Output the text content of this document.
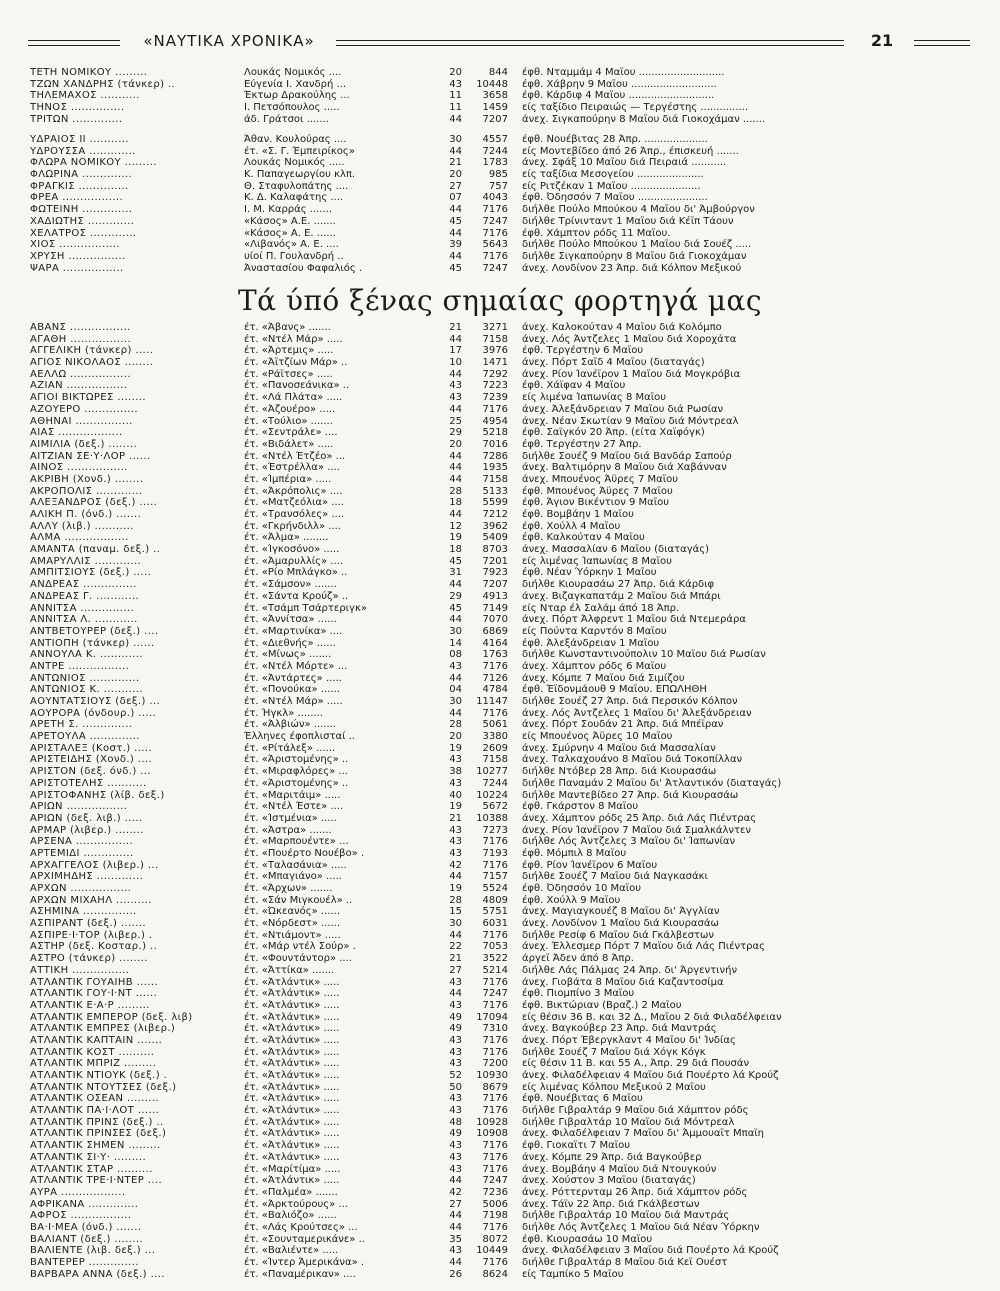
«ΝΑΥΤΙΚΑ ΧΡΟΝΙΚΑ»	21
ΤΕΤΗ ΝΟΜΙΚΟΥ .........	Λουκάς Νομικός ....	20	844	έφθ. Νταμμάμ 4 Μαΐου ...........................
ΤΖΩΝ ΧΑΝΔΡΗΣ (τάνκερ) ..	Εύγενία Ι. Χανδρή ...	43	10448	έφθ. Χάβρην 9 Μαΐου ...........................
ΤΗΛΕΜΑΧΟΣ ...........	Έκτωρ Δρακούλης ...	11	3658	έφθ. Κάρδιφ 4 Μαΐου ...........................
ΤΗΝΟΣ ...............	Ι. Πετσόπουλος .....	11	1459	είς ταξίδιο Πειραιώς — Τεργέστης ...............
ΤΡΙΤΩΝ ..............	άδ. Γράτσοι .......	44	7207	άνεχ. Σιγκαπούρην 8 Μαΐου διά Γιοκοχάμαν .......
ΥΔΡΑΙΟΣ ΙΙ ...........	Άθαν. Κουλούρας ....	30	4557	έφθ. Νουέβιτας 28 Άπρ. ....................
ΥΔΡΟΥΣΣΑ .............	έτ. «Σ. Γ. Έμπειρίκος»	44	7244	είς Μοντεβίδεο άπό 26 Άπρ., έπισκευή .......
ΦΛΩΡΑ ΝΟΜΙΚΟΥ .........	Λουκάς Νομικός .....	21	1783	άνεχ. Σφάξ 10 Μαΐου διά Πειραιά ...........
ΦΛΩΡΙΝΑ ..............	Κ. Παπαγεωργίου κλπ.	20	985	είς ταξίδια Μεσογείου .....................
ΦΡΑΓΚΙΣ ..............	Θ. Σταφυλοπάτης ....	27	757	είς Ριτζέκαν 1 Μαΐου ......................
ΦΡΕΑ .................	Κ. Δ. Καλαφάτης ....	07	4043	έφθ. Όδησσόν 7 Μαΐου ......................
ΦΩΤΕΙΝΗ ..............	Ι. Μ. Καρράς .......	44	7176	διήλθε Πούλο Μπούκου 4 Μαΐου δι' Άμβούργον
ΧΑΔΙΩΤΗΣ .............	«Κάσος» Α.Ε. .......	45	7247	διήλθε Τρίνινταντ 1 Μαΐου διά Κέϊπ Τάουν
ΧΕΛΑΤΡΟΣ .............	«Κάσος» Α. Ε. ......	44	7176	έφθ. Χάμπτον ρόδς 11 Μαΐου.
ΧΙΟΣ .................	«Λιβανός» Α. Ε. ....	39	5643	διήλθε Πούλο Μπούκου 1 Μαΐου διά Σουέζ .....
ΧΡΥΣΗ ................	υίοί Π. Γουλανδρή ..	44	7176	διήλθε Σιγκαπούρην 8 Μαΐου διά Γιοκοχάμαν
ΨΑΡΑ .................	Άναστασίου Φαφαλιός .	45	7247	άνεχ. Λονδίνον 23 Άπρ. διά Κόλπον Μεξικού
Τά ύπό ξένας σημαίας φορτηγά μας
ΑΒΑΝΣ .................	έτ. «Άβανς» .......	21	3271	άνεχ. Καλοκούταν 4 Μαΐου διά Κολόμπο
ΑΓΑΘΗ .................	έτ. «Ντέλ Μάρ» .....	44	7158	άνεχ. Λός Άντζελες 1 Μαΐου διά Χοροχάτα
ΑΓΓΕΛΙΚΗ (τάνκερ) .....	έτ. «Άρτεμις» .....	17	3976	έφθ. Τεργέστην 6 Μαΐου
ΑΓΙΟΣ ΝΙΚΟΛΑΟΣ ........	έτ. «Άϊτζίων Μάρ» ..	10	1471	άνεχ. Πόρτ Σαΐδ 4 Μαΐου (διαταγάς)
ΑΕΛΛΩ .................	έτ. «Ράϊτσες» .....	44	7292	άνεχ. Ρίον Ίανέϊρον 1 Μαΐου διά Μογκρόβια
ΑΖΙΑΝ .................	έτ. «Πανοσεάνικα» ..	43	7223	έφθ. Χάϊφαν 4 Μαΐου
ΑΓΙΟΙ ΒΙΚΤΩΡΕΣ ........	έτ. «Λά Πλάτα» .....	43	7239	είς λιμένα Ίαπωνίας 8 Μαΐου
ΑΖΟΥΕΡΟ ...............	έτ. «Άζουέρο» .....	44	7176	άνεχ. Άλεξάνδρειαν 7 Μαΐου διά Ρωσίαν
ΑΘΗΝΑΙ ................	έτ. «Τούλιο» .......	25	4954	άνεχ. Νέαν Σκωτίαν 9 Μαΐου διά Μόντρεαλ
ΑΙΑΣ ..................	έτ. «Σεντράλε» ....	29	5218	έφθ. Σαϊγκόν 20 Άπρ. (είτα Χαϊφόγκ)
ΑΙΜΙΛΙΑ (δεξ.) ........	έτ. «Βιδάλετ» .....	20	7016	έφθ. Τεργέστην 27 Άπρ.
ΑΙΤΖΙΑΝ ΣΕ·Υ·ΛΟΡ ......	έτ. «Ντέλ Έτζέο» ...	44	7286	διήλθε Σουέζ 9 Μαΐου διά Βανδάρ Σαπούρ
ΑΙΝΟΣ .................	έτ. «Έστρέλλα» ....	44	1935	άνεχ. Βαλτιμόρην 8 Μαΐου διά Χαβάνναν
ΑΚΡΙΒΗ (Χονδ.) ........	έτ. «Ίμπέρια» .....	44	7158	άνεχ. Μπουένος Άϋρες 7 Μαΐου
ΑΚΡΟΠΟΛΙΣ .............	έτ. «Άκρόπολις» ....	28	5133	έφθ. Μπουένος Άϋρες 7 Μαΐου
ΑΛΕΞΑΝΔΡΟΣ (δεξ.) .....	έτ. «Ματζεόλια» ....	18	5599	έφθ. Άγιον Βικέντιον 9 Μαΐου
ΑΛΙΚΗ Π. (όνδ.) .......	έτ. «Τρανσόλες» ....	44	7212	έφθ. Βομβάην 1 Μαΐου
ΑΛΛΥ (λιβ.) ...........	έτ. «Γκρήνδιλλ» ....	12	3962	έφθ. Χούλλ 4 Μαΐου
ΑΛΜΑ ..................	έτ. «Άλμα» ........	19	5409	έφθ. Καλκούταν 4 Μαΐου
ΑΜΑΝΤΑ (παναμ. δεξ.) ..	έτ. «Ίγκοσόνο» .....	18	8703	άνεχ. Μασσαλίαν 6 Μαΐου (διαταγάς)
ΑΜΑΡΥΛΛΙΣ .............	έτ. «Άμαρυλλίς» ....	45	7201	είς λιμένας Ίαπωνίας 8 Μαΐου
ΑΜΠΙΤΣΙΟΥΣ (δεξ.) .....	έτ. «Ρίο Μπλάγκο» ..	31	7923	έφθ. Νέαν Ύόρκην 1 Μαΐου
ΑΝΔΡΕΑΣ ...............	έτ. «Σάμσον» .......	44	7207	διήλθε Κιουρασάω 27 Άπρ. διά Κάρδιφ
ΑΝΔΡΕΑΣ Γ. ............	έτ. «Σάντα Κρούζ» ..	29	4913	άνεχ. Βιζαγκαπατάμ 2 Μαΐου διά Μπάρι
ΑΝΝΙΤΣΑ ...............	έτ. «Τσάμπ Τσάρτεριγκ»	45	7149	είς Νταρ έλ Σαλάμ άπό 18 Άπρ.
ΑΝΝΙΤΣΑ Λ. ............	έτ. «Άννίτσα» ......	44	7070	άνεχ. Πόρτ Άλφρεντ 1 Μαΐου διά Ντεμεράρα
ΑΝΤΒΕΤΟΥΡΕΡ (δεξ.) ....	έτ. «Μαρτινίκα» ....	30	6869	είς Πούντα Καρντόν 8 Μαΐου
ΑΝΤΙΟΠΗ (τάνκερ) ......	έτ. «Διεθνής» ......	14	4164	έφθ. Άλεξάνδρειαν 1 Μαΐου
ΑΝΝΟΥΛΑ Κ. ............	έτ. «Μίνως» .......	08	1763	διήλθε Κωνσταντινούπολιν 10 Μαΐου διά Ρωσίαν
ΑΝΤΡΕ .................	έτ. «Ντέλ Μόρτε» ...	43	7176	άνεχ. Χάμπτον ρόδς 6 Μαΐου
ΑΝΤΩΝΙΟΣ ..............	έτ. «Άντάρτες» .....	44	7126	άνεχ. Κόμπε 7 Μαΐου διά Σιμίζου
ΑΝΤΩΝΙΟΣ Κ. ...........	έτ. «Πονούκα» ......	04	4784	έφθ. Έϊδονμάουθ 9 Μαΐου. ΕΠΩΛΗΘΗ
ΑΟΥΝΤΑΤΣΙΟΥΣ (δεξ.) ...	έτ. «Ντέλ Μάρ» .....	30	11147	διήλθε Σουέζ 27 Άπρ. διά Περσικόν Κόλπον
ΑΟΥΡΟΡΑ (όνδουρ.) .....	έτ. Ήγκλ» ........	44	7176	άνεχ. Λός Άντζελες 1 Μαΐου δι' Άλεξάνδρειαν
ΑΡΕΤΗ Σ. ..............	έτ. «Άλβιών» .......	28	5061	άνεχ. Πόρτ Σουδάν 21 Άπρ. διά Μπέϊραν
ΑΡΕΤΟΥΛΑ ..............	Έλληνες έφοπλισταί ..	20	3380	είς Μπουένος Άϋρες 10 Μαΐου
ΑΡΙΣΤΑΛΕΞ (Κοστ.) .....	έτ. «Ρίτάλεξ» ......	19	2609	άνεχ. Σμύρνην 4 Μαΐου διά Μασσαλίαν
ΑΡΙΣΤΕΙΔΗΣ (Χονδ.) ....	έτ. «Άριστομένης» ..	43	7158	άνεχ. Ταλκαχουάνο 8 Μαΐου διά Τοκοπίλλαν
ΑΡΙΣΤΟΝ (δεξ. όνδ.) ...	έτ. «Μιραφλόρες» ...	38	10277	διήλθε Ντόβερ 28 Άπρ. διά Κιουρασάω
ΑΡΙΣΤΟΤΕΛΗΣ ...........	έτ. «Άριστομένης» ..	43	7244	διήλθε Παναμάν 2 Μαΐου δι' Άτλαντικόν (διαταγάς)
ΑΡΙΣΤΟΦΑΝΗΣ (λίβ. δεξ.)	έτ. «Μαριτάιμ» .....	40	10224	διήλθε Μαντεβίδεο 27 Άπρ. διά Κιουρασάω
ΑΡΙΩΝ .................	έτ. «Ντέλ Έστε» ....	19	5672	έφθ. Γκάρστον 8 Μαΐου
ΑΡΙΩΝ (δεξ. λιβ.) .....	έτ. «Ίστμένια» .....	21	10388	άνεχ. Χάμπτον ρόδς 25 Άπρ. διά Λάς Πιέντρας
ΑΡΜΑΡ (λιβερ.) ........	έτ. «Άστρα» .......	43	7273	άνεχ. Ρίον Ίανέϊρον 7 Μαΐου διά Σμαλκάλντεν
ΑΡΣΕΝΑ ................	έτ. «Μαρπουέντε» ...	43	7176	διήλθε Λός Άντζελες 3 Μαΐου δι' Ίαπωνίαν
ΑΡΤΕΜΙΔΙ ..............	έτ. «Πουέρτο Νουέβο» .	43	7193	έφθ. Μόμπιλ 8 Μαΐου
ΑΡΧΑΓΓΕΛΟΣ (λιβερ.) ...	έτ. «Ταλασάνια» .....	42	7176	έφθ. Ρίον Ίανέϊρον 6 Μαΐου
ΑΡΧΙΜΗΔΗΣ .............	έτ. «Μπαγιάνο» .....	44	7157	διήλθε Σουέζ 7 Μαΐου διά Ναγκασάκι
ΑΡΧΩΝ .................	έτ. «Άρχων» .......	19	5524	έφθ. Όδησσόν 10 Μαΐου
ΑΡΧΩΝ ΜΙΧΑΗΛ ..........	έτ. «Σάν Μιγκουέλ» ..	28	4809	έφθ. Χούλλ 9 Μαΐου
ΑΣΗΜΙΝΑ ...............	έτ. «Ώκεανός» ......	15	5751	άνεχ. Μαγιαγκουέζ 8 Μαΐου δι' Άγγλίαν
ΑΣΠΙΡΑΝΤ (δεξ.) .......	έτ. «Νόρδεστ» ......	30	6031	άνεχ. Λονδίνον 1 Μαΐου διά Κιουρασάω
ΑΣΠΙΡΕ·Ι·ΤΟΡ (λιβερ.) .	έτ. «Ντιάμοντ» .....	44	7176	διήλθε Ρεσίφ 6 Μαΐου διά Γκάλβεστων
ΑΣΤΗΡ (δεξ. Κοσταρ.) ..	έτ. «Μάρ ντέλ Σούρ» .	22	7053	άνεχ. Έλλεσμερ Πόρτ 7 Μαΐου διά Λάς Πιέντρας
ΑΣΤΡΟ (τάνκερ) ........	έτ. «Φουντάντορ» ....	21	3522	άργεΐ Άδεν άπό 8 Άπρ.
ΑΤΤΙΚΗ ................	έτ. «Άττίκα» .......	27	5214	διήλθε Λάς Πάλμας 24 Άπρ. δι' Άργεντινήν
ΑΤΛΑΝΤΙΚ ΓΟΥΑΪΗΒ ......	έτ. «Άτλάντικ» .....	43	7176	άνεχ. Γιοβάτα 8 Μαΐου διά Καζαντοσίμα
ΑΤΛΑΝΤΙΚ ΓΟΥ·Ι·ΝΤ ......	έτ. «Άτλάντικ» .....	44	7247	έφθ. Πιομπίνο 3 Μαΐου
ΑΤΛΑΝΤΙΚ Ε·Α·Ρ .........	έτ. «Άτλάντικ» .....	43	7176	έφθ. Βικτώριαν (Βραζ.) 2 Μαΐου
ΑΤΛΑΝΤΙΚ ΕΜΠΕΡΟΡ (δεξ. λιβ)	έτ. «Άτλάντικ» .....	49	17094	είς θέσιν 36 Β. και 32 Δ., Μαΐου 2 διά Φιλαδέλφειαν
ΑΤΛΑΝΤΙΚ ΕΜΠΡΕΣ (λιβερ.)	έτ. «Άτλάντικ» .....	49	7310	άνεχ. Βαγκούβερ 23 Άπρ. διά Μαντράς
ΑΤΛΑΝΤΙΚ ΚΑΠΤΑΙΝ .......	έτ. «Άτλάντικ» .....	43	7176	άνεχ. Πόρτ Έβεργκλαντ 4 Μαΐου δι' Ίνδίας
ΑΤΛΑΝΤΙΚ ΚΟΣΤ ..........	έτ. «Άτλάντικ» .....	43	7176	διήλθε Σουέζ 7 Μαΐου διά Χόγκ Κόγκ
ΑΤΛΑΝΤΙΚ ΜΠΡΙΖ .........	έτ. «Άτλάντικ» .....	43	7200	είς θέσιν 11 Β. και 55 Α., Άπρ. 29 διά Πουσάν
ΑΤΛΑΝΤΙΚ ΝΤΙΟΥΚ (δεξ.) .	έτ. «Άτλάντικ» .....	52	10930	άνεχ. Φιλαδέλφειαν 4 Μαΐου διά Πουέρτο λά Κρούζ
ΑΤΛΑΝΤΙΚ ΝΤΟΥΤΣΕΣ (δεξ.)	έτ. «Άτλάντικ» .....	50	8679	είς λιμένας Κόλπου Μεξικού 2 Μαΐου
ΑΤΛΑΝΤΙΚ ΟΣΕΑΝ .........	έτ. «Άτλάντικ» .....	43	7176	έφθ. Νουέβιτας 6 Μαΐου
ΑΤΛΑΝΤΙΚ ΠΑ·Ι·ΛΟΤ ......	έτ. «Άτλάντικ» .....	43	7176	διήλθε Γιβραλτάρ 9 Μαΐου διά Χάμπτον ρόδς
ΑΤΛΑΝΤΙΚ ΠΡΙΝΣ (δεξ.) ..	έτ. «Άτλάντικ» .....	48	10928	διήλθε Γιβραλτάρ 10 Μαΐου διά Μόντρεαλ
ΑΤΛΑΝΤΙΚ ΠΡΙΝΣΕΣ (δεξ.)	έτ. «Άτλάντικ» .....	49	10908	άνεχ. Φιλαδέλφειαν 7 Μαΐου δι' Άμμουαϊτ Μπαϊη
ΑΤΛΑΝΤΙΚ ΣΗΜΕΝ .........	έτ. «Άτλάντικ» .....	43	7176	έφθ. Γιοκαΐτι 7 Μαΐου
ΑΤΛΑΝΤΙΚ ΣΙ·Υ· .........	έτ. «Άτλάντικ» .....	43	7176	άνεχ. Κόμπε 29 Άπρ. διά Βαγκούβερ
ΑΤΛΑΝΤΙΚ ΣΤΑΡ ..........	έτ. «Μαρίτίμα» .....	43	7176	άνεχ. Βομβάην 4 Μαΐου διά Ντουγκούν
ΑΤΛΑΝΤΙΚ ΤΡΕ·Ι·ΝΤΕΡ ....	έτ. «Άτλάντικ» .....	44	7247	άνεχ. Χούστον 3 Μαΐου (διαταγάς)
ΑΥΡΑ ..................	έτ. «Παλμέα» .......	42	7236	άνεχ. Ρόττερνταμ 26 Άπρ. διά Χάμπτον ρόδς
ΑΦΡΙΚΑΝΑ ..............	έτ. «Άρκτούρους» ...	27	5006	άνεχ. Τάϊν 22 Άπρ. διά Γκάλβεστων
ΑΦΡΟΣ .................	έτ. «Βαλιόζο» ......	44	7198	διήλθε Γιβραλτάρ 10 Μαΐου διά Μαντράς
ΒΑ·Ι·ΜΕΑ (όνδ.) .......	έτ. «Λάς Κρούτσες» ...	44	7176	διήλθε Λός Άντζελες 1 Μαΐου διά Νέαν Ύόρκην
ΒΑΛΙΑΝΤ (δεξ.) ........	έτ. «Σουνταμερικάνε» ..	35	8072	έφθ. Κιουρασάω 10 Μαΐου
ΒΑΛΙΕΝΤΕ (λιβ. δεξ.) ...	έτ. «Βαλιέντε» .....	43	10449	άνεχ. Φιλαδέλφειαν 3 Μαΐου διά Πουέρτο λά Κρούζ
ΒΑΝΤΕΡΕΡ ..............	έτ. «Ίντερ Άμερικάνα» .	44	7176	διήλθε Γιβραλτάρ 8 Μαΐου διά Κεϊ Ουέστ
ΒΑΡΒΑΡΑ ΑΝΝΑ (δεξ.) ....	έτ. «Παναμέρικαν» ....	26	8624	είς Ταμπίκο 5 Μαΐου
